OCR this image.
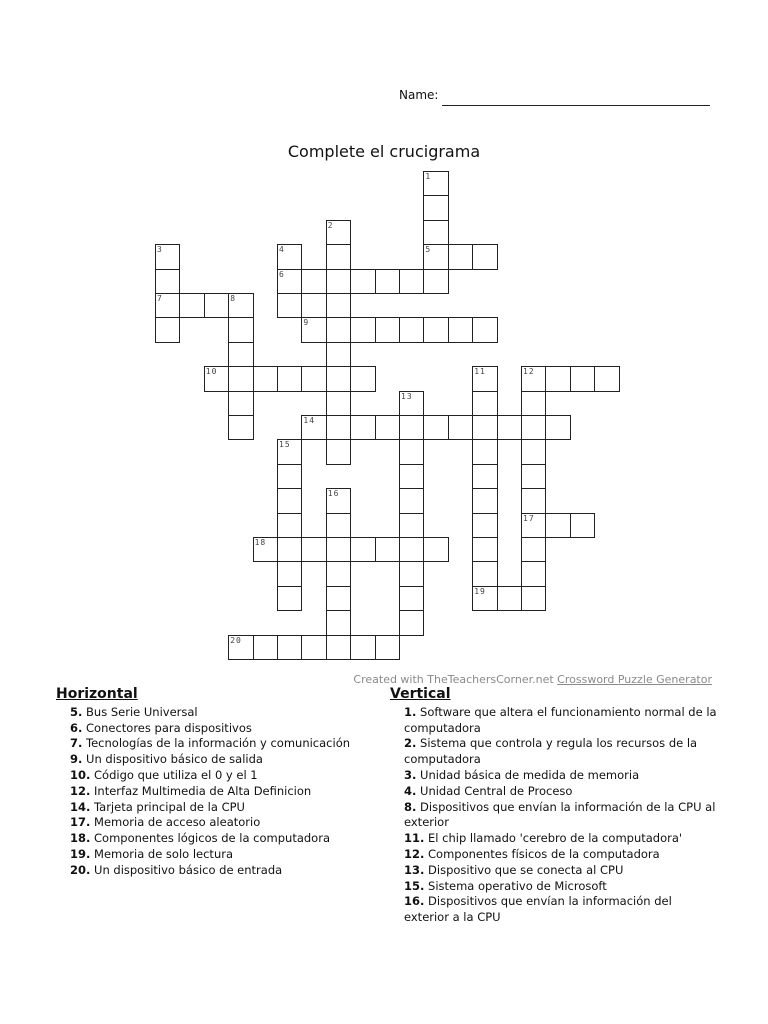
Name:
Complete el crucigrama
1
2
3	4	5
6
7	8
9
10	11	12
13
14
15
16
17
18
19
20
Created with TheTeachersCorner.net Crossword Puzzle Generator
Horizontal
5. Bus Serie Universal
6. Conectores para dispositivos
7. Tecnologías de la información y comunicación
9. Un dispositivo básico de salida
10. Código que utiliza el 0 y el 1
12. Interfaz Multimedia de Alta Definicion
14. Tarjeta principal de la CPU
17. Memoria de acceso aleatorio
18. Componentes lógicos de la computadora
19. Memoria de solo lectura
20. Un dispositivo básico de entrada
Vertical
1. Software que altera el funcionamiento normal de la computadora
2. Sistema que controla y regula los recursos de la computadora
3. Unidad básica de medida de memoria
4. Unidad Central de Proceso
8. Dispositivos que envían la información de la CPU al exterior
11. El chip llamado 'cerebro de la computadora'
12. Componentes físicos de la computadora
13. Dispositivo que se conecta al CPU
15. Sistema operativo de Microsoft
16. Dispositivos que envían la información del exterior a la CPU
